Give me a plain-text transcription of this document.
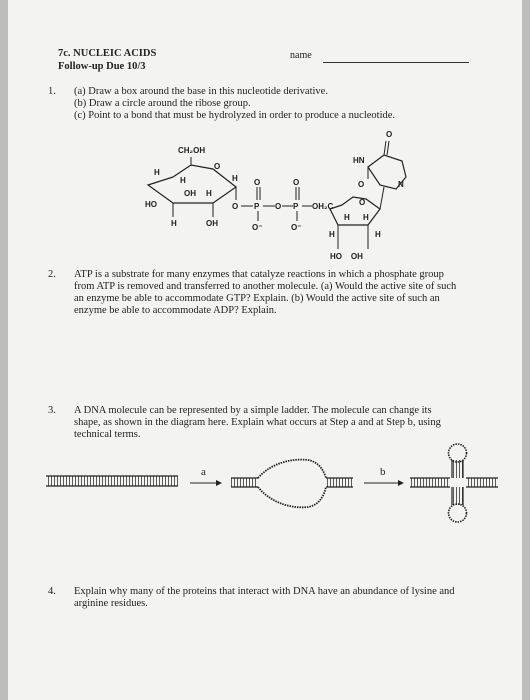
7c. NUCLEIC ACIDS
Follow-up Due 10/3
name
1. (a) Draw a box around the base in this nucleotide derivative.
(b) Draw a circle around the ribose group.
(c) Point to a bond that must be hydrolyzed in order to produce a nucleotide.
CH₂OH
O
H
H	H
OH H
HO
H	OH
O P
O
O⁻
O P
O
O⁻
OH₂C	O
H H
H	H
HO    OH
O
HN
O	N
2. ATP is a substrate for many enzymes that catalyze reactions in which a phosphate group
from ATP is removed and transferred to another molecule. (a) Would the active site of such
an enzyme be able to accommodate GTP? Explain. (b) Would the active site of such an
enzyme be able to accommodate ADP? Explain.
3. A DNA molecule can be represented by a simple ladder. The molecule can change its
shape, as shown in the diagram here. Explain what occurs at Step a and at Step b, using
technical terms.
a	b
4. Explain why many of the proteins that interact with DNA have an abundance of lysine and
arginine residues.
